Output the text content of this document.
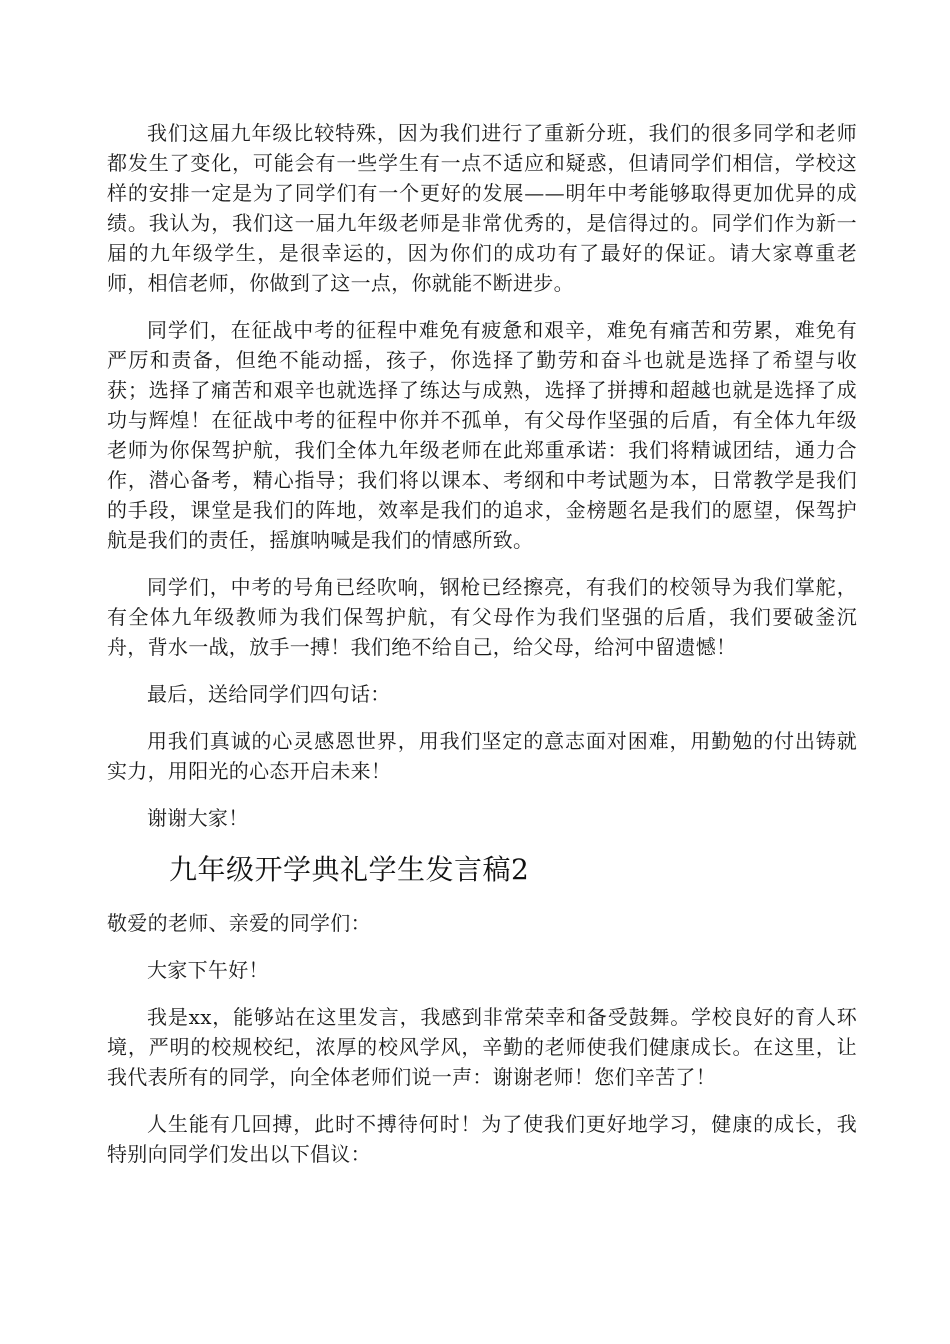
我们这届九年级比较特殊，因为我们进行了重新分班，我们的很多同学和老师都发生了变化，可能会有一些学生有一点不适应和疑惑，但请同学们相信，学校这样的安排一定是为了同学们有一个更好的发展——明年中考能够取得更加优异的成绩。我认为，我们这一届九年级老师是非常优秀的，是信得过的。同学们作为新一届的九年级学生，是很幸运的，因为你们的成功有了最好的保证。请大家尊重老师，相信老师，你做到了这一点，你就能不断进步。

同学们，在征战中考的征程中难免有疲惫和艰辛，难免有痛苦和劳累，难免有严厉和责备，但绝不能动摇，孩子，你选择了勤劳和奋斗也就是选择了希望与收获；选择了痛苦和艰辛也就选择了练达与成熟，选择了拼搏和超越也就是选择了成功与辉煌！在征战中考的征程中你并不孤单，有父母作坚强的后盾，有全体九年级老师为你保驾护航，我们全体九年级老师在此郑重承诺：我们将精诚团结，通力合作，潜心备考，精心指导；我们将以课本、考纲和中考试题为本，日常教学是我们的手段，课堂是我们的阵地，效率是我们的追求，金榜题名是我们的愿望，保驾护航是我们的责任，摇旗呐喊是我们的情感所致。

同学们，中考的号角已经吹响，钢枪已经擦亮，有我们的校领导为我们掌舵，有全体九年级教师为我们保驾护航，有父母作为我们坚强的后盾，我们要破釜沉舟，背水一战，放手一搏！我们绝不给自己，给父母，给河中留遗憾！

最后，送给同学们四句话：

用我们真诚的心灵感恩世界，用我们坚定的意志面对困难，用勤勉的付出铸就实力，用阳光的心态开启未来！

谢谢大家！

九年级开学典礼学生发言稿2

敬爱的老师、亲爱的同学们：

大家下午好！

我是xx，能够站在这里发言，我感到非常荣幸和备受鼓舞。学校良好的育人环境，严明的校规校纪，浓厚的校风学风，辛勤的老师使我们健康成长。在这里，让我代表所有的同学，向全体老师们说一声：谢谢老师！您们辛苦了！

人生能有几回搏，此时不搏待何时！为了使我们更好地学习，健康的成长，我特别向同学们发出以下倡议：
